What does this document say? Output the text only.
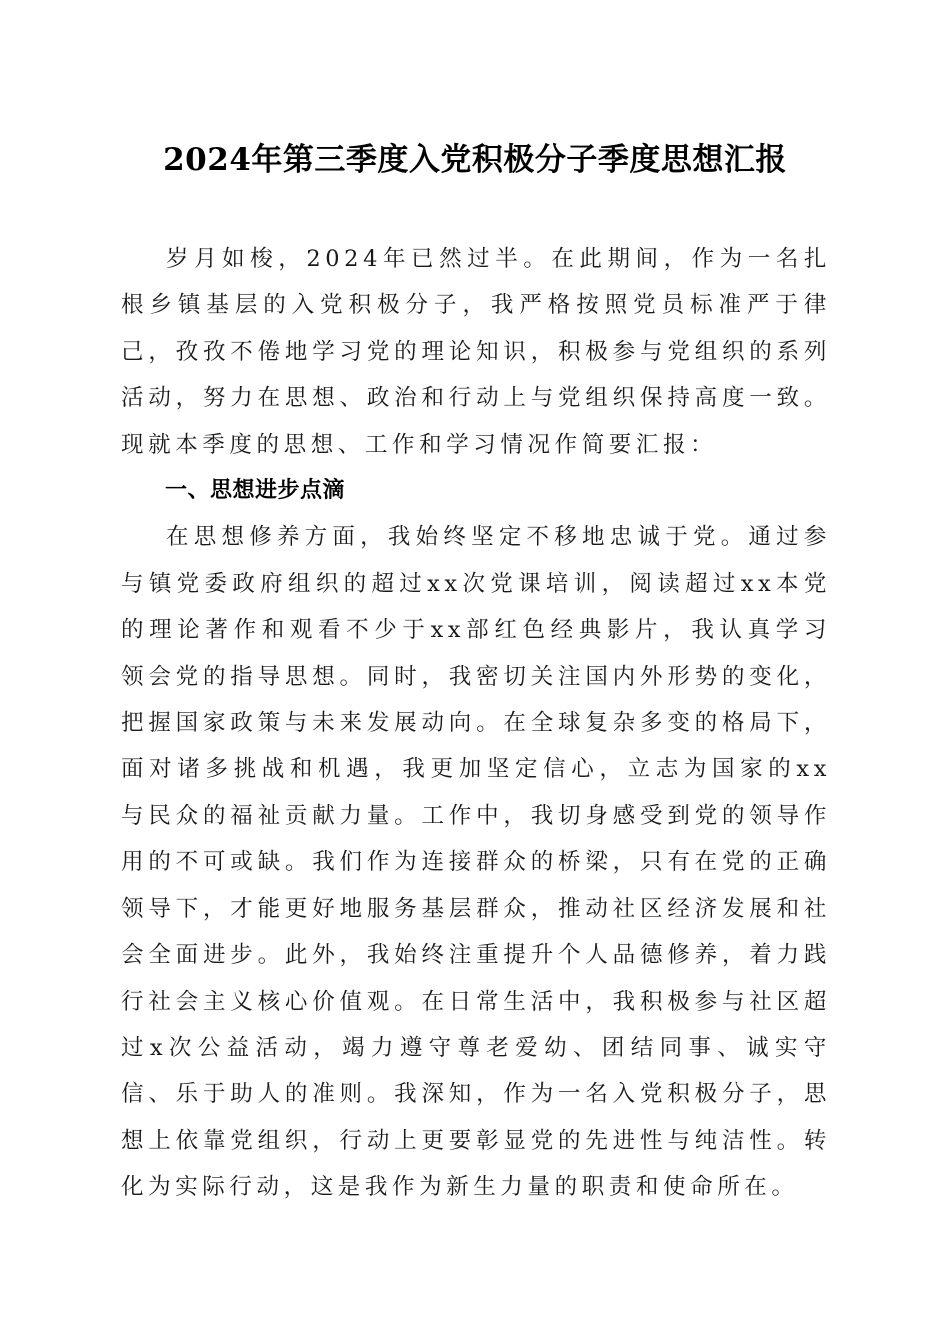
2024年第三季度入党积极分子季度思想汇报

岁月如梭，2024年已然过半。在此期间，作为一名扎根乡镇基层的入党积极分子，我严格按照党员标准严于律己，孜孜不倦地学习党的理论知识，积极参与党组织的系列活动，努力在思想、政治和行动上与党组织保持高度一致。现就本季度的思想、工作和学习情况作简要汇报：

一、思想进步点滴

在思想修养方面，我始终坚定不移地忠诚于党。通过参与镇党委政府组织的超过xx次党课培训，阅读超过xx本党的理论著作和观看不少于xx部红色经典影片，我认真学习领会党的指导思想。同时，我密切关注国内外形势的变化，把握国家政策与未来发展动向。在全球复杂多变的格局下，面对诸多挑战和机遇，我更加坚定信心，立志为国家的xx与民众的福祉贡献力量。工作中，我切身感受到党的领导作用的不可或缺。我们作为连接群众的桥梁，只有在党的正确领导下，才能更好地服务基层群众，推动社区经济发展和社会全面进步。此外，我始终注重提升个人品德修养，着力践行社会主义核心价值观。在日常生活中，我积极参与社区超过x次公益活动，竭力遵守尊老爱幼、团结同事、诚实守信、乐于助人的准则。我深知，作为一名入党积极分子，思想上依靠党组织，行动上更要彰显党的先进性与纯洁性。转化为实际行动，这是我作为新生力量的职责和使命所在。
